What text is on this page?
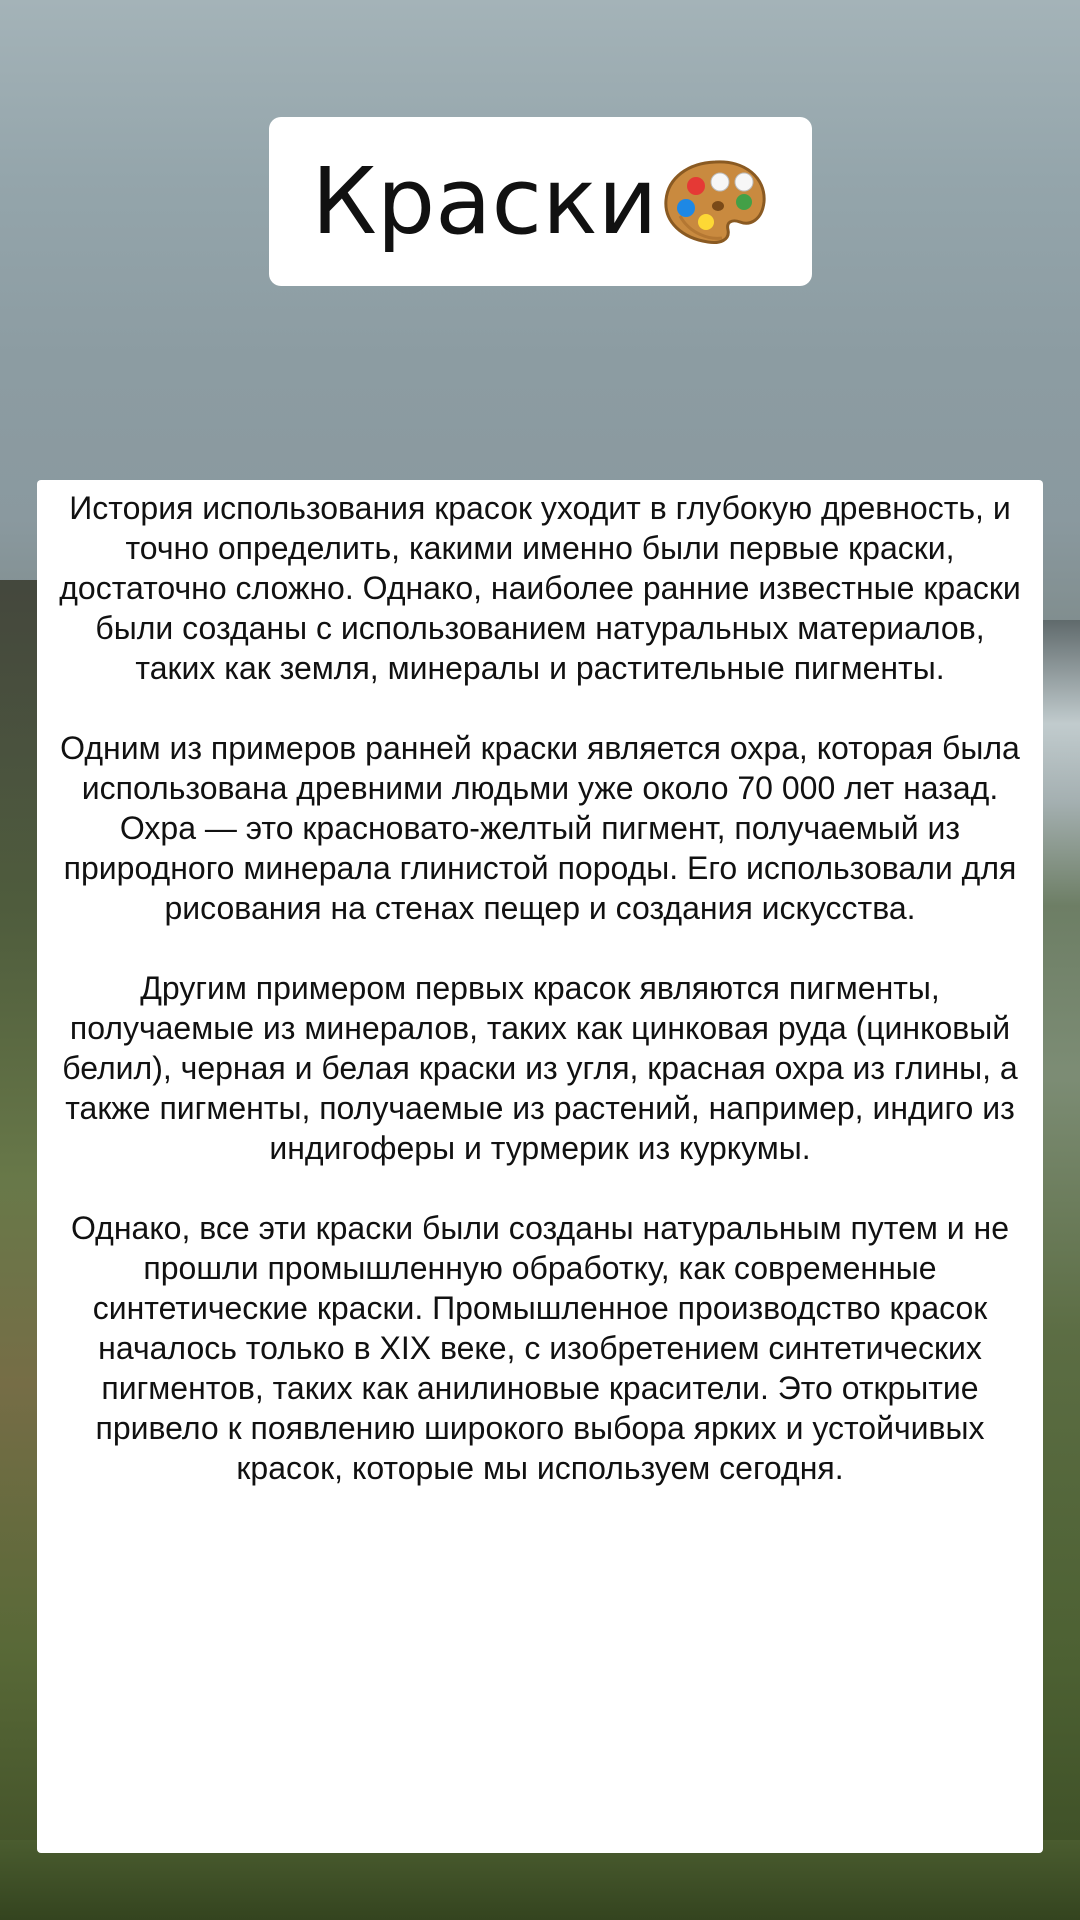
Краски

История использования красок уходит в глубокую древность, и точно определить, какими именно были первые краски, достаточно сложно. Однако, наиболее ранние известные краски были созданы с использованием натуральных материалов, таких как земля, минералы и растительные пигменты.

Одним из примеров ранней краски является охра, которая была использована древними людьми уже около 70 000 лет назад. Охра — это красновато-желтый пигмент, получаемый из природного минерала глинистой породы. Его использовали для рисования на стенах пещер и создания искусства.

Другим примером первых красок являются пигменты, получаемые из минералов, таких как цинковая руда (цинковый белил), черная и белая краски из угля, красная охра из глины, а также пигменты, получаемые из растений, например, индиго из индигоферы и турмерик из куркумы.

Однако, все эти краски были созданы натуральным путем и не прошли промышленную обработку, как современные синтетические краски. Промышленное производство красок началось только в XIX веке, с изобретением синтетических пигментов, таких как анилиновые красители. Это открытие привело к появлению широкого выбора ярких и устойчивых красок, которые мы используем сегодня.
